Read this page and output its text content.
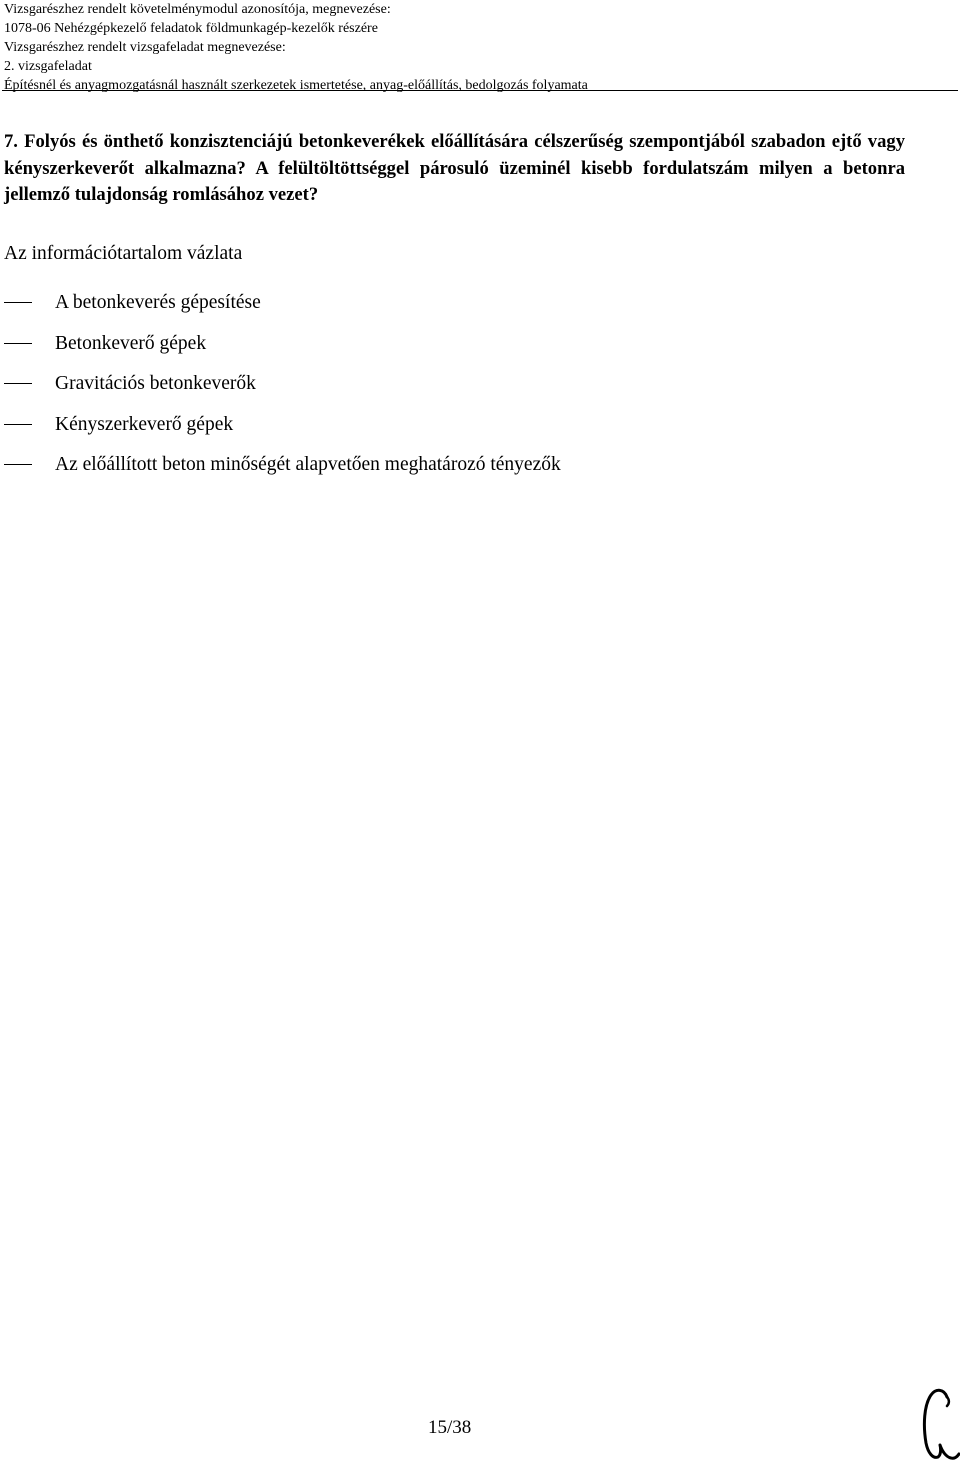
Vizsgarészhez rendelt követelménymodul azonosítója, megnevezése:
1078-06 Nehézgépkezelő feladatok földmunkagép-kezelők részére
Vizsgarészhez rendelt vizsgafeladat megnevezése:
2. vizsgafeladat
Építésnél és anyagmozgatásnál használt szerkezetek ismertetése, anyag-előállítás, bedolgozás folyamata
7. Folyós és önthető konzisztenciájú betonkeverékek előállítására célszerűség szempontjából szabadon ejtő vagy kényszerkeverőt alkalmazna? A felültöltöttséggel párosuló üzeminél kisebb fordulatszám milyen a betonra jellemző tulajdonság romlásához vezet?
Az információtartalom vázlata
A betonkeverés gépesítése
Betonkeverő gépek
Gravitációs betonkeverők
Kényszerkeverő gépek
Az előállított beton minőségét alapvetően meghatározó tényezők
15/38
